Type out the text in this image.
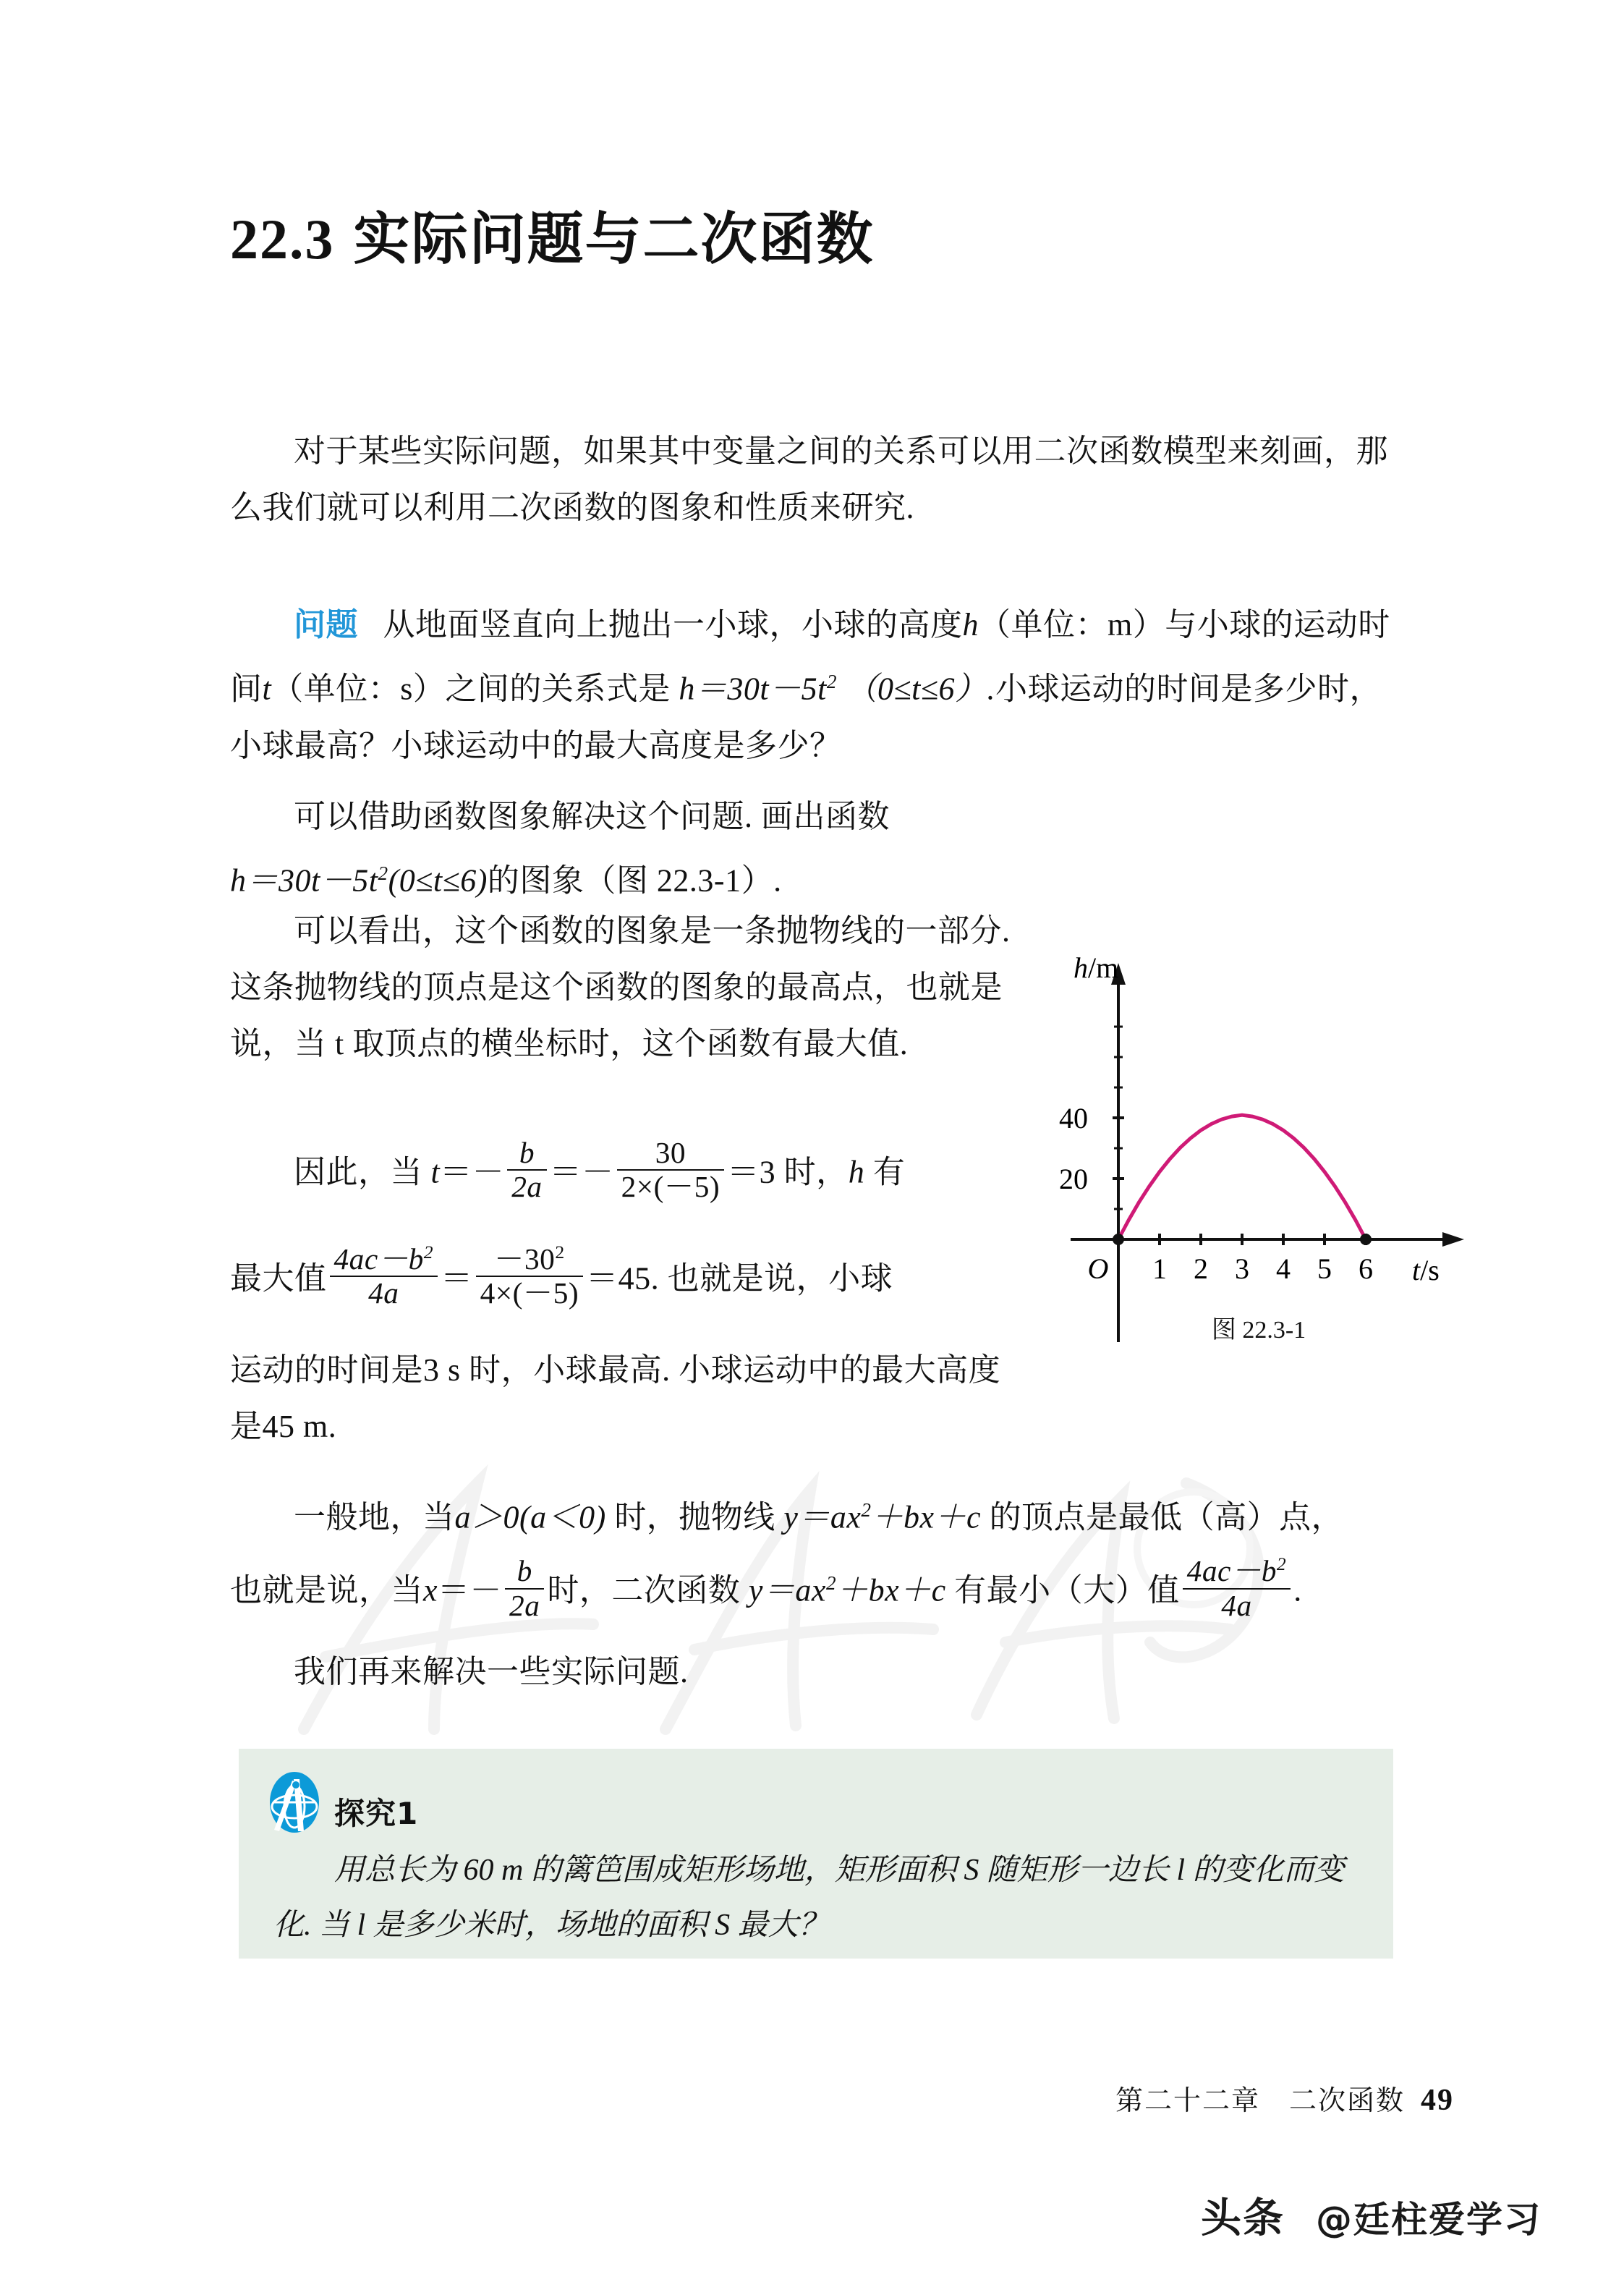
22.3 实际问题与二次函数
对于某些实际问题，如果其中变量之间的关系可以用二次函数模型来刻画，那么我们就可以利用二次函数的图象和性质来研究.
问题 从地面竖直向上抛出一小球，小球的高度h（单位：m）与小球的运动时间t（单位：s）之间的关系式是 $h=30t-5t^2$ （0≤t≤6）.小球运动的时间是多少时，小球最高？小球运动中的最大高度是多少？
可以借助函数图象解决这个问题. 画出函数
$h=30t-5t^2(0\le t\le 6)$的图象（图 22.3-1）.
可以看出，这个函数的图象是一条抛物线的一部分. 这条抛物线的顶点是这个函数的图象的最高点，也就是说，当 t 取顶点的横坐标时，这个函数有最大值.
因此，当 $t=- \frac{b}{2a} =- \frac{30}{2\times(-5)} =3$ 时，h 有
最大值 $\frac{4ac-b^2}{4a} = \frac{-30^2}{4\times(-5)} =45$. 也就是说，小球
运动的时间是3 s 时，小球最高. 小球运动中的最大高度是45 m.
h/m
t/s
40
20
O 1 2 3 4 5 6
图 22.3-1
一般地，当a＞0(a＜0) 时，抛物线 $y=ax^2+bx+c$ 的顶点是最低（高）点，
也就是说，当$x=- \frac{b}{2a}$ 时，二次函数 $y=ax^2+bx+c$ 有最小（大）值 $\frac{4ac-b^2}{4a}$ .
我们再来解决一些实际问题.
探究1
用总长为 60 m 的篱笆围成矩形场地，矩形面积 S 随矩形一边长 l 的变化而变化. 当 l 是多少米时，场地的面积 S 最大？
第二十二章　二次函数 49
头条 @廷柱爱学习
